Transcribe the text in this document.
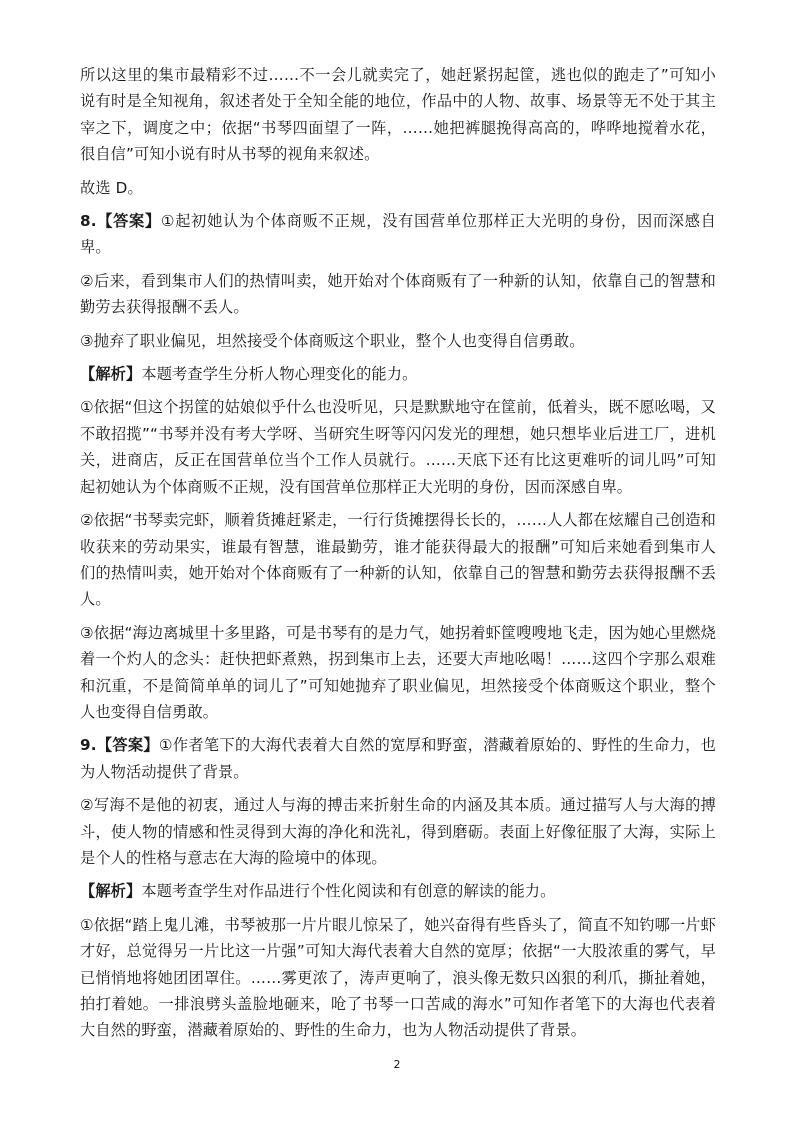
所以这里的集市最精彩不过……不一会儿就卖完了，她赶紧拐起筐，逃也似的跑走了”可知小说有时是全知视角，叙述者处于全知全能的地位，作品中的人物、故事、场景等无不处于其主宰之下，调度之中；依据“书琴四面望了一阵，……她把裤腿挽得高高的，哗哗地搅着水花，很自信”可知小说有时从书琴的视角来叙述。

故选 D。

8.【答案】①起初她认为个体商贩不正规，没有国营单位那样正大光明的身份，因而深感自卑。

②后来，看到集市人们的热情叫卖，她开始对个体商贩有了一种新的认知，依靠自己的智慧和勤劳去获得报酬不丢人。

③抛弃了职业偏见，坦然接受个体商贩这个职业，整个人也变得自信勇敢。

【解析】本题考查学生分析人物心理变化的能力。

①依据“但这个拐筐的姑娘似乎什么也没听见，只是默默地守在筐前，低着头，既不愿吆喝，又不敢招揽”“书琴并没有考大学呀、当研究生呀等闪闪发光的理想，她只想毕业后进工厂，进机关，进商店，反正在国营单位当个工作人员就行。……天底下还有比这更难听的词儿吗”可知起初她认为个体商贩不正规，没有国营单位那样正大光明的身份，因而深感自卑。

②依据“书琴卖完虾，顺着货摊赶紧走，一行行货摊摆得长长的，……人人都在炫耀自己创造和收获来的劳动果实，谁最有智慧，谁最勤劳，谁才能获得最大的报酬”可知后来她看到集市人们的热情叫卖，她开始对个体商贩有了一种新的认知，依靠自己的智慧和勤劳去获得报酬不丢人。

③依据“海边离城里十多里路，可是书琴有的是力气，她拐着虾筐嗖嗖地飞走，因为她心里燃烧着一个灼人的念头：赶快把虾煮熟，拐到集市上去，还要大声地吆喝！……这四个字那么艰难和沉重，不是简简单单的词儿了”可知她抛弃了职业偏见，坦然接受个体商贩这个职业，整个人也变得自信勇敢。

9.【答案】①作者笔下的大海代表着大自然的宽厚和野蛮，潜藏着原始的、野性的生命力，也为人物活动提供了背景。

②写海不是他的初衷，通过人与海的搏击来折射生命的内涵及其本质。通过描写人与大海的搏斗，使人物的情感和性灵得到大海的净化和洗礼，得到磨砺。表面上好像征服了大海，实际上是个人的性格与意志在大海的险境中的体现。

【解析】本题考查学生对作品进行个性化阅读和有创意的解读的能力。

①依据“踏上鬼儿滩，书琴被那一片片眼儿惊呆了，她兴奋得有些昏头了，简直不知钓哪一片虾才好，总觉得另一片比这一片强”可知大海代表着大自然的宽厚；依据“一大股浓重的雾气，早已悄悄地将她团团罩住。……雾更浓了，涛声更响了，浪头像无数只凶狠的利爪，撕扯着她，拍打着她。一排浪劈头盖脸地砸来，呛了书琴一口苦咸的海水”可知作者笔下的大海也代表着大自然的野蛮，潜藏着原始的、野性的生命力，也为人物活动提供了背景。

2
